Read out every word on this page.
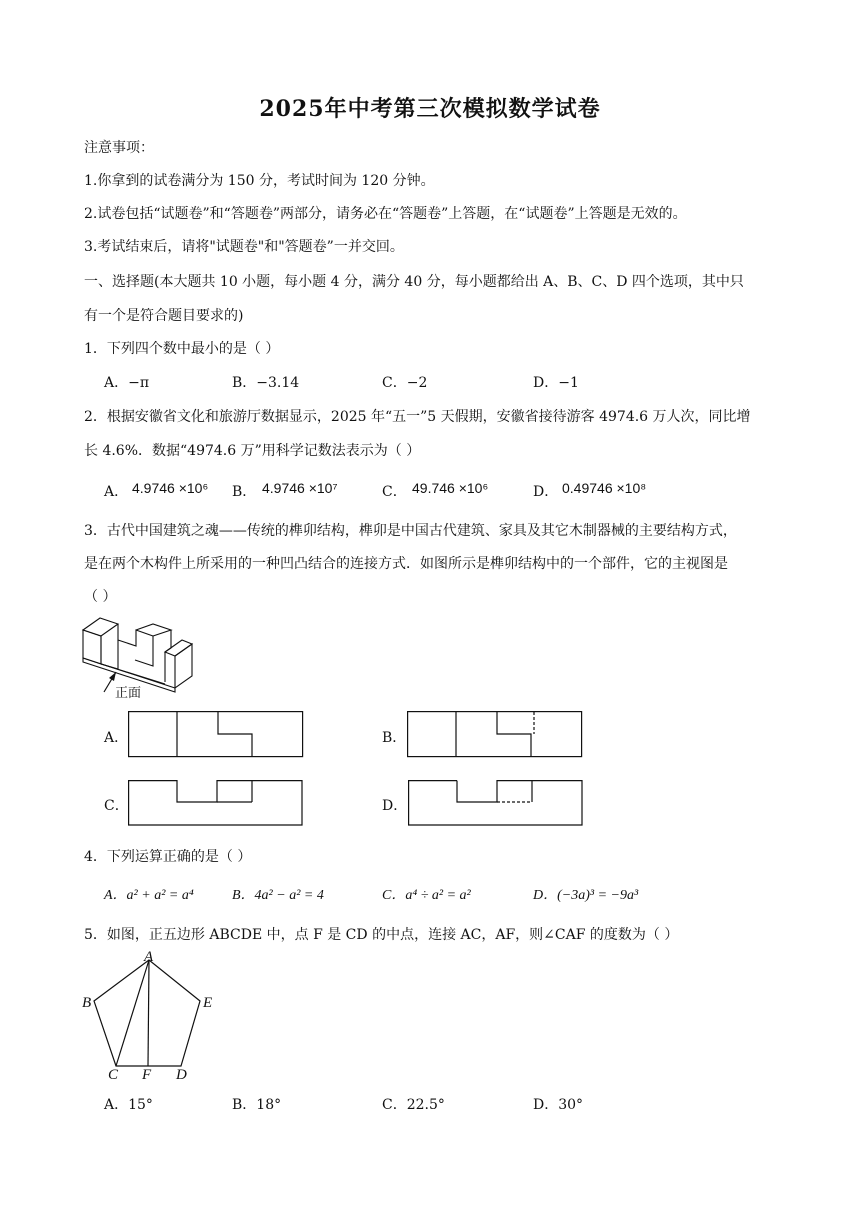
2025年中考第三次模拟数学试卷
注意事项：
1.你拿到的试卷满分为 150 分，考试时间为 120 分钟。
2.试卷包括“试题卷”和“答题卷”两部分，请务必在“答题卷”上答题，在“试题卷”上答题是无效的。
3.考试结束后，请将"试题卷"和"答题卷”一并交回。
一、选择题(本大题共 10 小题，每小题 4 分，满分 40 分，每小题都给出 A、B、C、D 四个选项，其中只
有一个是符合题目要求的)
1．下列四个数中最小的是（ ）
A．−π	B．−3.14	C．−2	D．−1
2．根据安徽省文化和旅游厅数据显示，2025 年“五一”5 天假期，安徽省接待游客 4974.6 万人次，同比增
长 4.6%．数据“4974.6 万”用科学记数法表示为（ ）
A． 4.9746 ×10⁶ B． 4.9746 ×10⁷	C． 49.746 ×10⁶	D． 0.49746 ×10⁸
3．古代中国建筑之魂——传统的榫卯结构，榫卯是中国古代建筑、家具及其它木制器械的主要结构方式，
是在两个木构件上所采用的一种凹凸结合的连接方式．如图所示是榫卯结构中的一个部件，它的主视图是
（ ）
正面
A．	B．
C．	D．
4．下列运算正确的是（ ）
A．a² + a² = a⁴	B．4a² − a² = 4	C．a⁴ ÷ a² = a²	D．(−3a)³ = −9a³
5．如图，正五边形 ABCDE 中，点 F 是 CD 的中点，连接 AC，AF，则∠CAF 的度数为（ ）
A
B
C	D
E
F
A．15°	B．18°	C．22.5°	D．30°
